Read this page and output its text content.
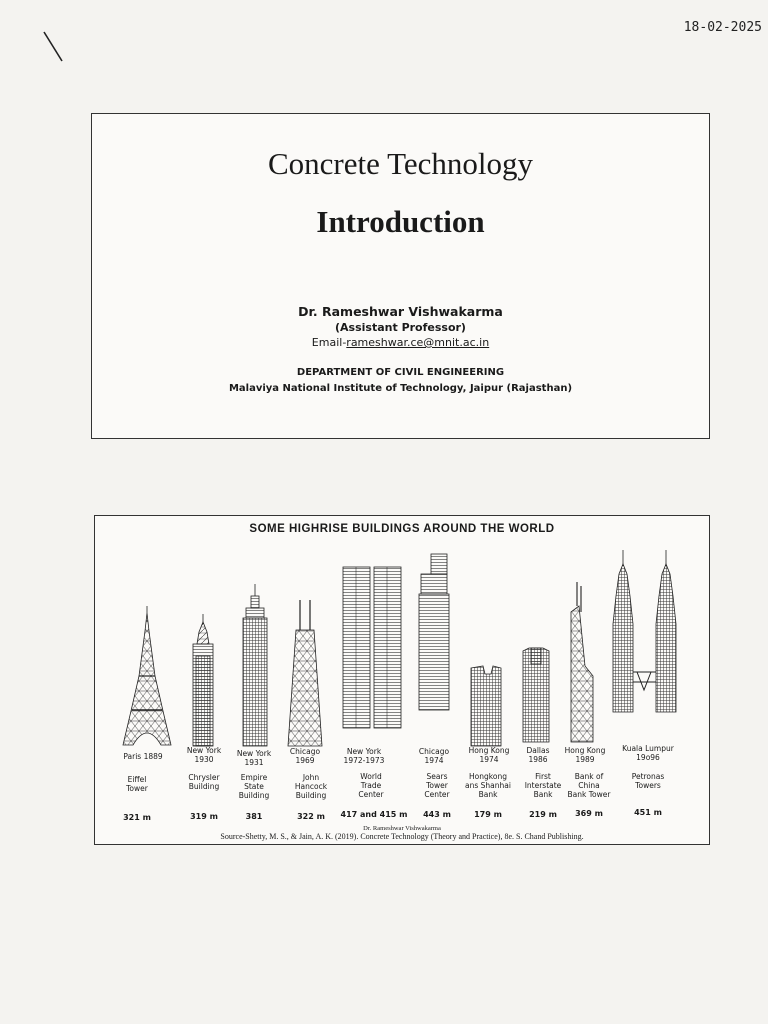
18-02-2025
Concrete Technology
Introduction
Dr. Rameshwar Vishwakarma
(Assistant Professor)
Email-rameshwar.ce@mnit.ac.in
DEPARTMENT OF CIVIL ENGINEERING
Malaviya National Institute of Technology, Jaipur (Rajasthan)
SOME HIGHRISE BUILDINGS AROUND THE WORLD
Paris 1889
New York
1930
New York
1931
Chicago
1969
New York
1972-1973
Chicago
1974
Hong Kong
1974
Dallas
1986
Hong Kong
1989
Kuala Lumpur
19o96
Eiffel
Tower
Chrysler
Building
Empire
State
Building
John
Hancock
Building
World
Trade
Center
Sears
Tower
Center
Hongkong
ans Shanhai
Bank
First
Interstate
Bank
Bank of
China
Bank Tower
Petronas
Towers
321 m	319 m	381	322 m	417 and 415 m	443 m	179 m	219 m	369 m	451 m
Dr. Rameshwar Vishwakarma
Source-Shetty, M. S., & Jain, A. K. (2019). Concrete Technology (Theory and Practice), 8e. S. Chand Publishing.
